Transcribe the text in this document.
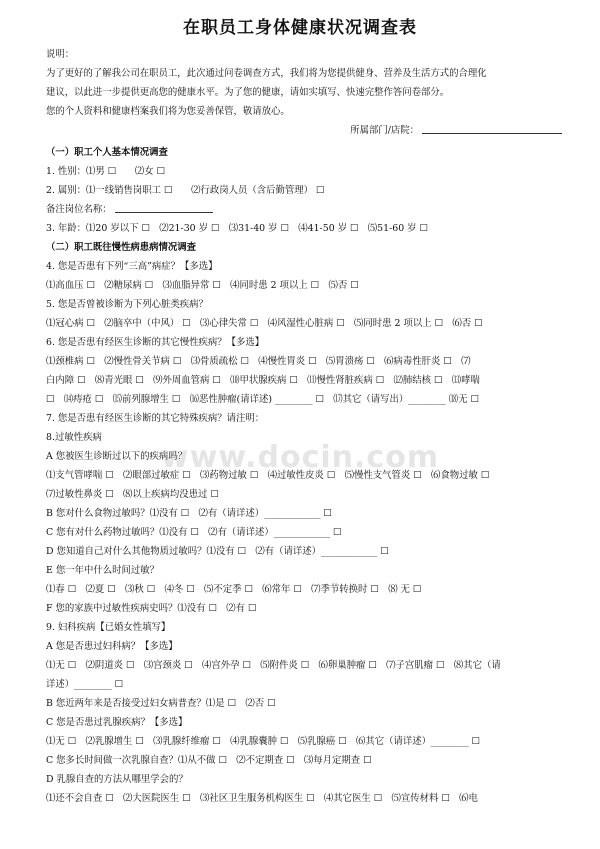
在职员工身体健康状况调查表
说明：
为了更好的了解我公司在职员工，此次通过问卷调查方式，我们将为您提供健身、营养及生活方式的合理化
建议，以此进一步提供更高您的健康水平。为了您的健康，请如实填写、快速完整作答问卷部分。
您的个人资料和健康档案我们将为您妥善保管，敬请放心。
所属部门/店院：
（一）职工个人基本情况调查
1. 性别：⑴男 ☐　　⑵女 ☐
2. 属别：⑴一线销售岗职工 ☐　　⑵行政岗人员（含后勤管理） ☐
备注岗位名称：
3. 年龄：⑴20 岁以下 ☐　⑵21-30 岁 ☐　⑶31-40 岁 ☐　⑷41-50 岁 ☐　⑸51-60 岁 ☐
（二）职工既往慢性病患病情况调查
4. 您是否患有下列“三高”病症？【多选】
⑴高血压 ☐　⑵糖尿病 ☐　⑶血脂异常 ☐　⑷同时患 2 项以上 ☐　⑸否 ☐
5. 您是否曾被诊断为下列心脏类疾病？
⑴冠心病 ☐　⑵脑卒中（中风） ☐　⑶心律失常 ☐　⑷风湿性心脏病 ☐　⑸同时患 2 项以上 ☐　⑹否 ☐
6. 您是否患有经医生诊断的其它慢性疾病？【多选】
⑴颈椎病 ☐　⑵慢性骨关节病 ☐　⑶骨质疏松 ☐　⑷慢性胃炎 ☐　⑸胃溃疡 ☐　⑹病毒性肝炎 ☐　⑺
白内障 ☐　⑻青光眼 ☐　⑼外周血管病 ☐　⑽甲状腺疾病 ☐　⑾慢性肾脏疾病 ☐　⑿肺结核 ☐　⒀哮喘
☐　⒁痔疮 ☐　⒂前列腺增生 ☐　⒃恶性肿瘤(请详述) ________ ☐　⒄其它（请写出）________ ⒅无 ☐
7. 您是否患有经医生诊断的其它特殊疾病？请注明：
8.过敏性疾病
A 您被医生诊断过以下的疾病吗？
⑴支气管哮喘 ☐　⑵眼部过敏症 ☐　⑶药物过敏 ☐　⑷过敏性皮炎 ☐　⑸慢性支气管炎 ☐　⑹食物过敏 ☐
⑺过敏性鼻炎 ☐　⑻以上疾病均没患过 ☐
B 您对什么食物过敏吗？⑴没有 ☐　⑵有（请详述）____________ ☐
C 您有对什么药物过敏吗？⑴没有 ☐　⑵有（请详述）____________ ☐
D 您知道自己对什么其他物质过敏吗？⑴没有 ☐　⑵有（请详述）____________ ☐
E 您一年中什么时间过敏？
⑴春 ☐　⑵夏 ☐　⑶秋 ☐　⑷冬 ☐　⑸不定季 ☐　⑹常年 ☐　⑺季节转换时 ☐　⑻ 无 ☐
F 您的家族中过敏性疾病史吗？⑴没有 ☐　⑵有 ☐
9. 妇科疾病【已婚女性填写】
A 您是否患过妇科病？【多选】
⑴无 ☐　⑵阴道炎 ☐　⑶宫颈炎 ☐　⑷宫外孕 ☐　⑸附件炎 ☐　⑹卵巢肿瘤 ☐　⑺子宫肌瘤 ☐　⑻其它（请
详述）________ ☐
B 您近两年来是否接受过妇女病普查？⑴是 ☐　⑵否 ☐
C 您是否患过乳腺疾病？【多选】
⑴无 ☐　⑵乳腺增生 ☐　⑶乳腺纤维瘤 ☐　⑷乳腺囊肿 ☐　⑸乳腺癌 ☐　⑹其它（请详述）________ ☐
C 您多长时间做一次乳腺自查？⑴从不做 ☐　⑵不定期查 ☐　⑶每月定期查 ☐
D 乳腺自查的方法从哪里学会的？
⑴还不会自查 ☐　⑵大医院医生 ☐　⑶社区卫生服务机构医生 ☐　⑷其它医生 ☐　⑸宣传材料 ☐　⑹电
www.docin.com
